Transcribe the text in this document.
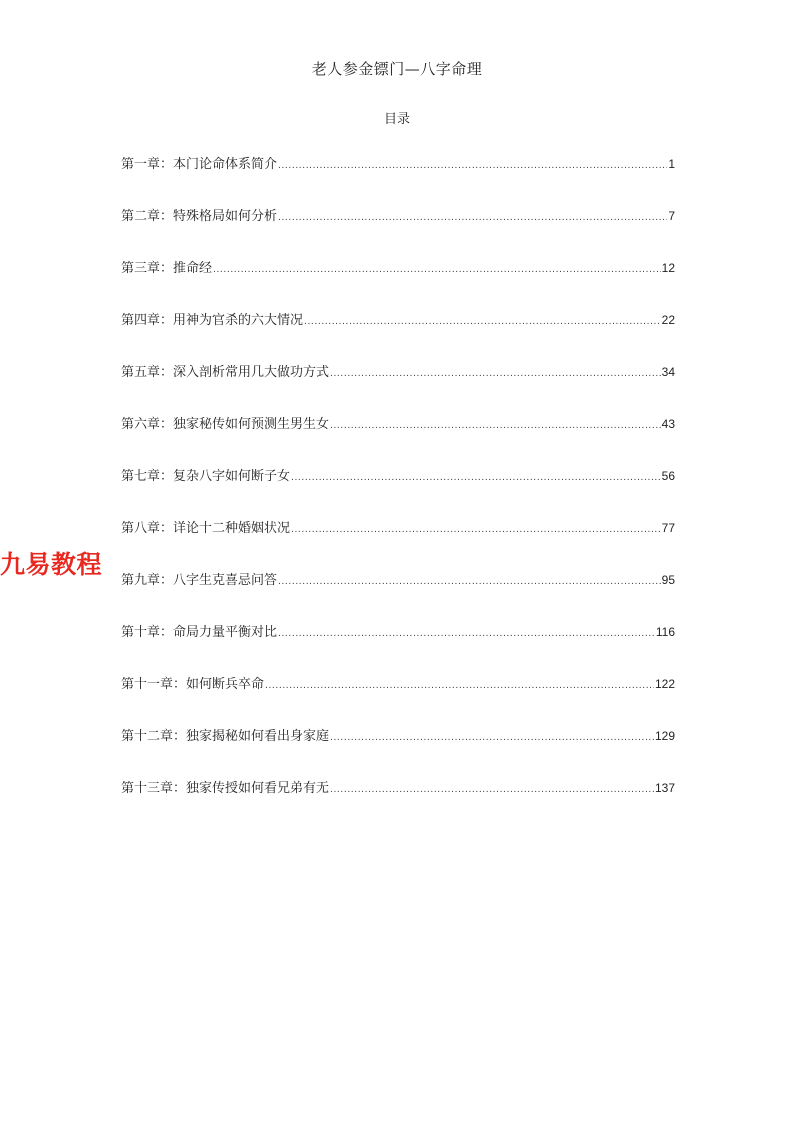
老人参金镖门—八字命理
目录
第一章：本门论命体系简介 .....	1
第二章：特殊格局如何分析 .....	7
第三章：推命经 .....	12
第四章：用神为官杀的六大情况 .....	22
第五章：深入剖析常用几大做功方式 .....	34
第六章：独家秘传如何预测生男生女 .....	43
第七章：复杂八字如何断子女 .....	56
第八章：详论十二种婚姻状况 .....	77
第九章：八字生克喜忌问答 .....	95
第十章：命局力量平衡对比 .....	116
第十一章：如何断兵卒命 .....	122
第十二章：独家揭秘如何看出身家庭 .....	129
第十三章：独家传授如何看兄弟有无 .....	137
九易教程
